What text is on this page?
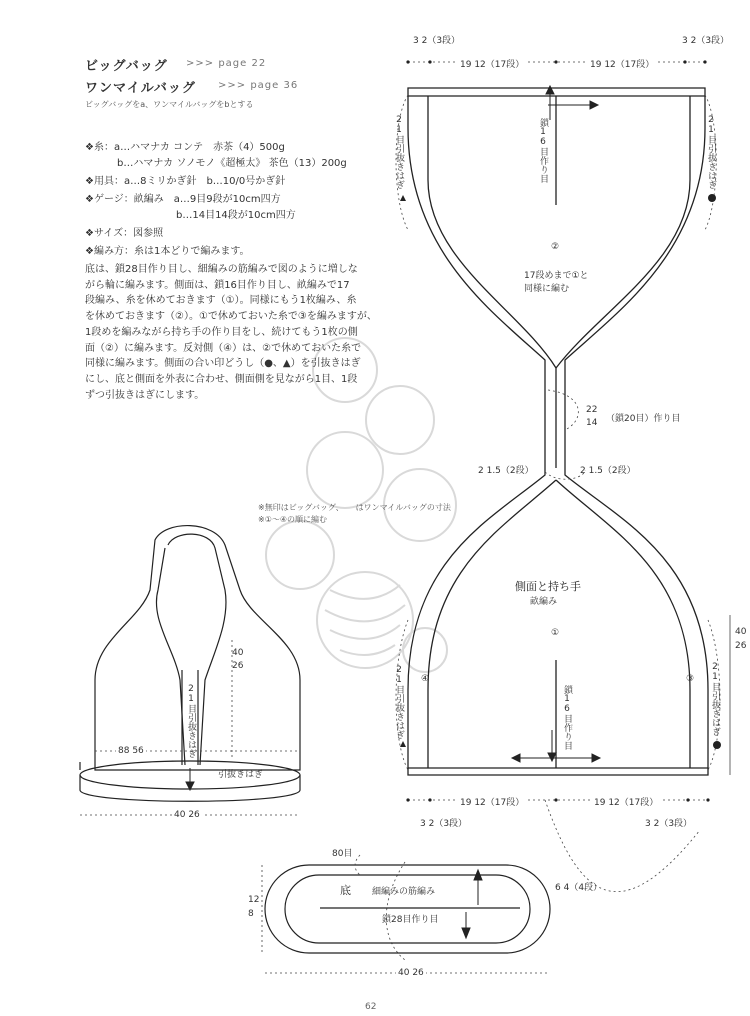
ビッグバッグ >>> page 22
ワンマイルバッグ >>> page 36
ビッグバッグをa、ワンマイルバッグをbとする
❖糸：a…ハマナカ コンテ　赤茶（4）500g
b…ハマナカ ソノモノ《超極太》 茶色（13）200g
❖用具：a…8ミリかぎ針　b…10/0号かぎ針
❖ゲージ：畝編み　a…9目9段が10cm四方
b…14目14段が10cm四方
❖サイズ：図参照
❖編み方：糸は1本どりで編みます。
底は、鎖28目作り目し、細編みの筋編みで図のように増しな
がら輪に編みます。側面は、鎖16目作り目し、畝編みで17
段編み、糸を休めておきます（①）。同様にもう1枚編み、糸
を休めておきます（②）。①で休めておいた糸で③を編みますが、
1段めを編みながら持ち手の作り目をし、続けてもう1枚の側
面（②）に編みます。反対側（④）は、②で休めておいた糸で
同様に編みます。側面の合い印どうし（●、▲）を引抜きはぎ
にし、底と側面を外表に合わせ、側面側を見ながら1目、1段
ずつ引抜きはぎにします。
※無印はビッグバッグ、　　はワンマイルバッグの寸法
※①～④の順に編む
3 2（3段）
19 12（17段）	19 12（17段）
3 2（3段）
21目引抜きはぎ	21目引抜きはぎ
鎖16目作り目
②
17段めまで①と
同様に編む
22
14 （鎖20目）作り目
2 1.5（2段）	2 1.5（2段）
側面と持ち手
畝編み
①
③
④
鎖16目作り目
21目引抜きはぎ	21目引抜きはぎ
40
26
19 12（17段）	19 12（17段）
3 2（3段）	3 2（3段）
40
26
21目引抜きはぎ
88 56
引抜きはぎ
40 26
80目
底 細編みの筋編み
鎖28目作り目
6 4（4段）
12
8
40 26
62
